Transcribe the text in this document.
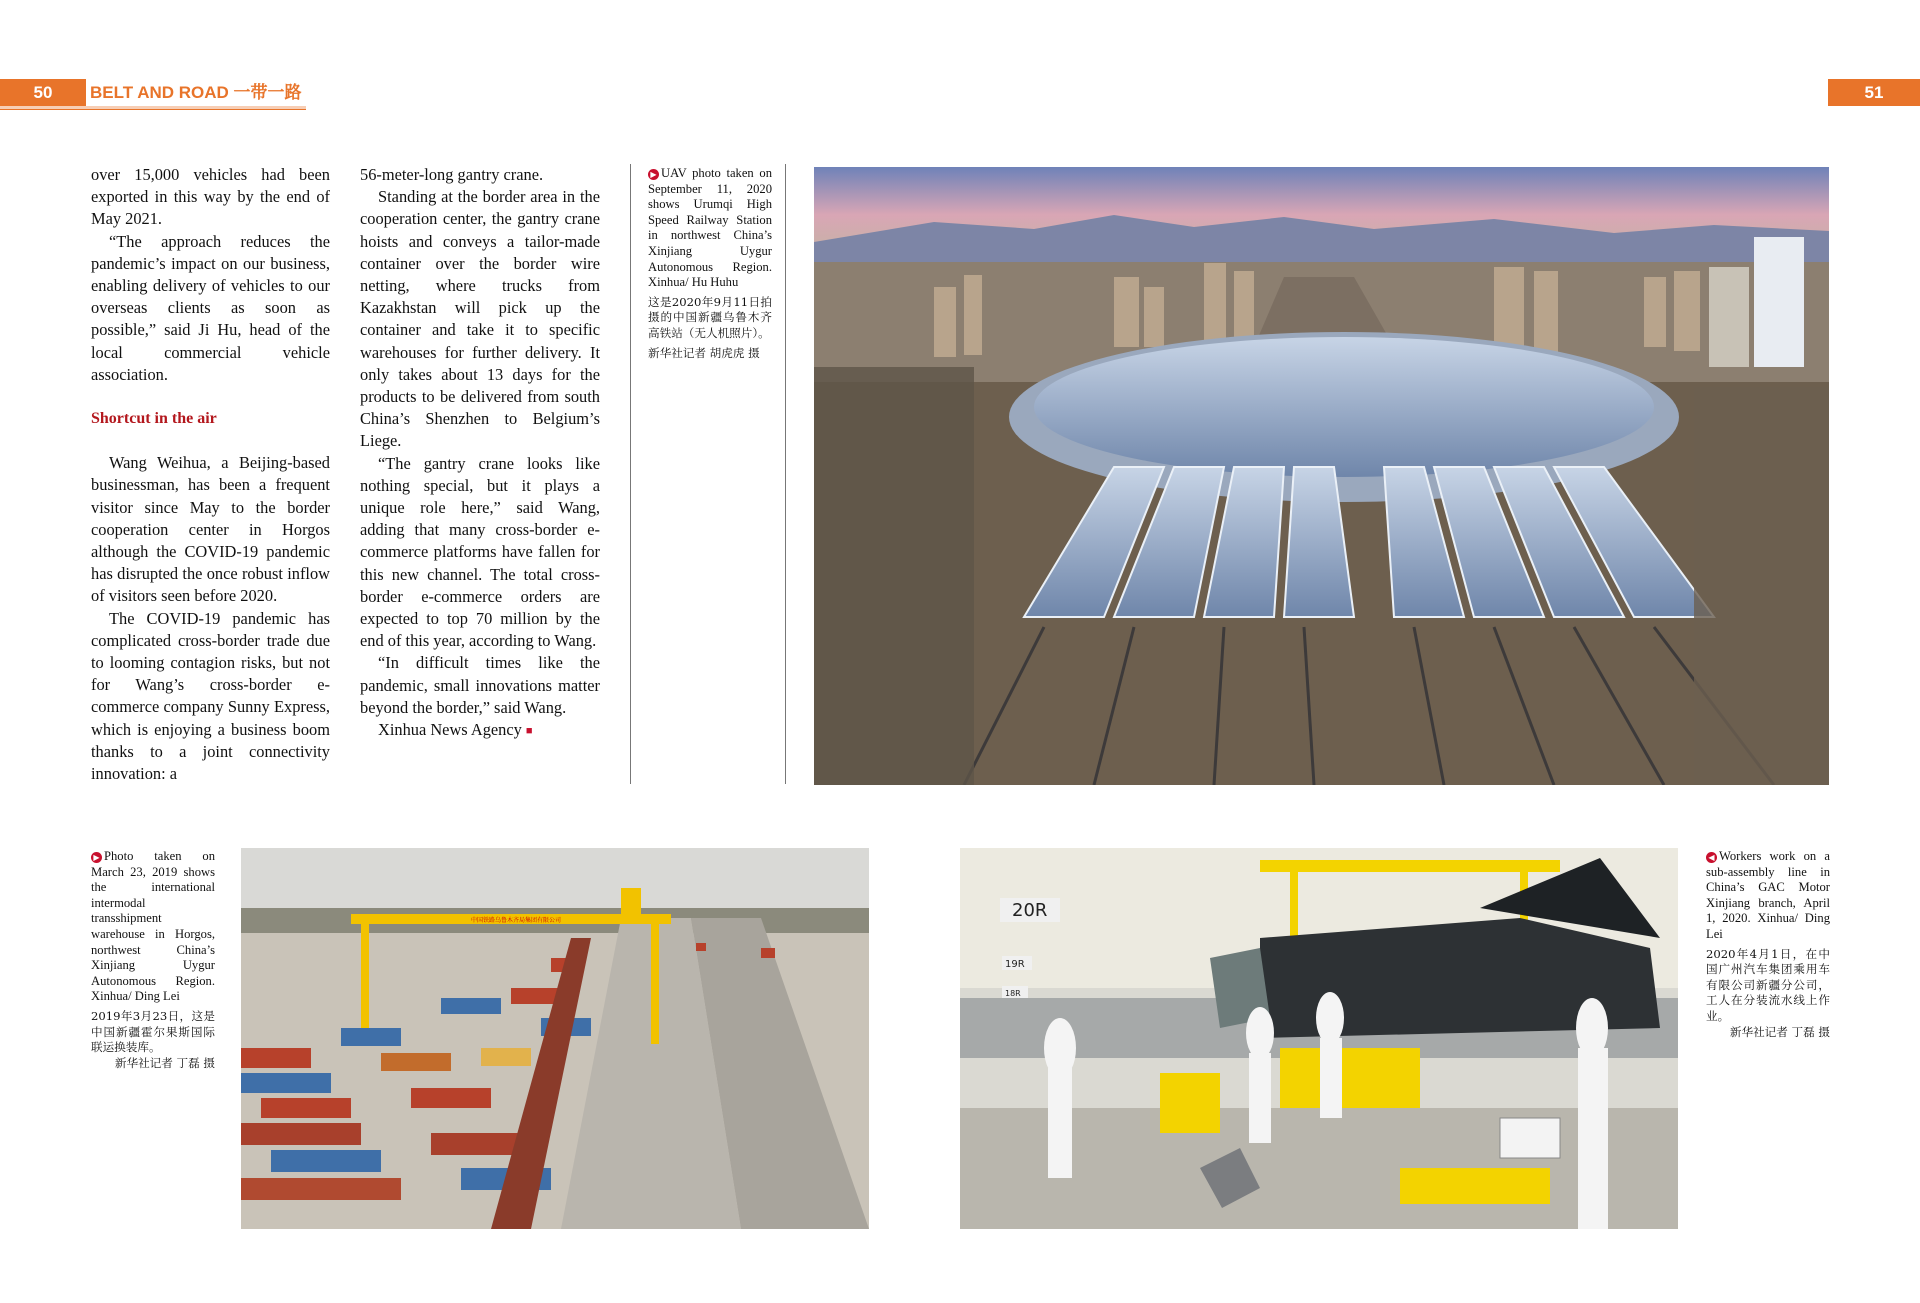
50	BELT AND ROAD 一带一路	51

over 15,000 vehicles had been exported in this way by the end of May 2021.

“The approach reduces the pandemic’s impact on our business, enabling delivery of vehicles to our overseas clients as soon as possible,” said Ji Hu, head of the local commercial vehicle association.

Shortcut in the air

Wang Weihua, a Beijing-based businessman, has been a frequent visitor since May to the border cooperation center in Horgos although the COVID-19 pandemic has disrupted the once robust inflow of visitors seen before 2020.

The COVID-19 pandemic has complicated cross-border trade due to looming contagion risks, but not for Wang’s cross-border e-commerce company Sunny Express, which is enjoying a business boom thanks to a joint connectivity innovation: a

56-meter-long gantry crane.

Standing at the border area in the cooperation center, the gantry crane hoists and conveys a tailor-made container over the border wire netting, where trucks from Kazakhstan will pick up the container and take it to specific warehouses for further delivery. It only takes about 13 days for the products to be delivered from south China’s Shenzhen to Belgium’s Liege.

“The gantry crane looks like nothing special, but it plays a unique role here,” said Wang, adding that many cross-border e-commerce platforms have fallen for this new channel. The total cross-border e-commerce orders are expected to top 70 million by the end of this year, according to Wang.

“In difficult times like the pandemic, small innovations matter beyond the border,” said Wang.

Xinhua News Agency ■

▶ UAV photo taken on September 11, 2020 shows Urumqi High Speed Railway Station in northwest China’s Xinjiang Uygur Autonomous Region. Xinhua/ Hu Huhu
这是2020年9月11日拍摄的中国新疆乌鲁木齐高铁站（无人机照片）。
新华社记者 胡虎虎 摄
▶ Photo taken on March 23, 2019 shows the international intermodal transshipment warehouse in Horgos, northwest China’s Xinjiang Uygur Autonomous Region. Xinhua/ Ding Lei
2019年3月23日，这是中国新疆霍尔果斯国际联运换装库。
新华社记者 丁磊 摄
中国铁路乌鲁木齐局集团有限公司	20R
19R
18R
◀ Workers work on a sub-assembly line in China’s GAC Motor Xinjiang branch, April 1, 2020. Xinhua/ Ding Lei
2020年4月1日，在中国广州汽车集团乘用车有限公司新疆分公司，工人在分装流水线上作业。
新华社记者 丁磊 摄
